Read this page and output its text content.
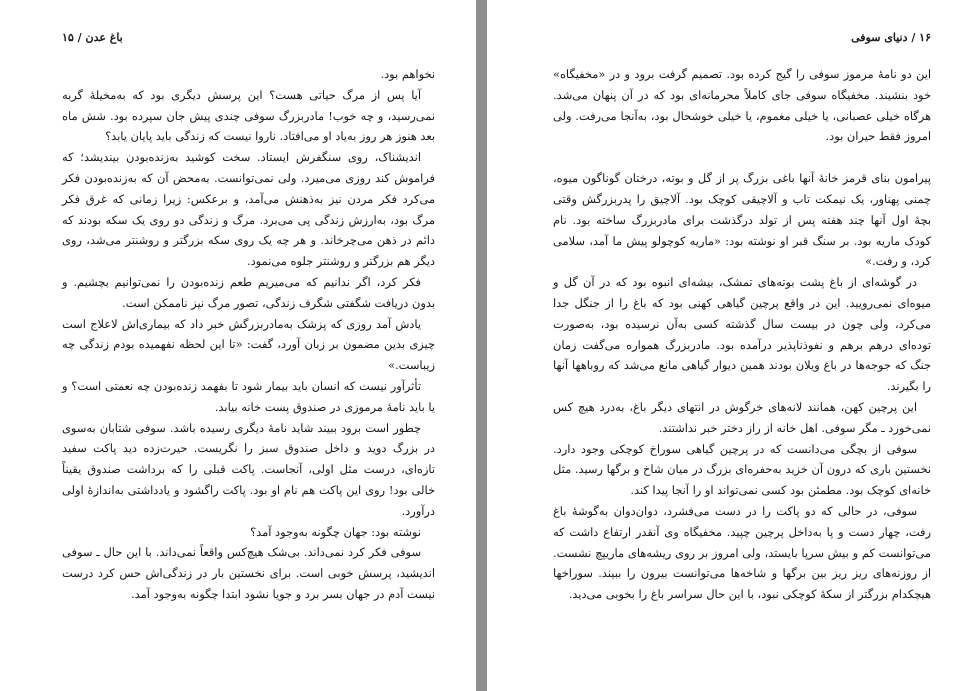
باغ عدن / ۱۵

نخواهم بود.

آیا پس از مرگ حیاتی هست؟ این پرسش دیگری بود که به‌مخیلهٔ گربه نمی‌رسید، و چه خوب! مادربزرگ سوفی چندی پیش جان سپرده بود. شش ماه بعد هنوز هر روز به‌یاد او می‌افتاد. ناروا نیست که زندگی باید پایان یابد؟

اندیشناک، روی سنگفرش ایستاد. سخت کوشید به‌زنده‌بودن بیندیشد؛ که فراموش کند روزی می‌میرد. ولی نمی‌توانست. به‌محض آن که به‌زنده‌بودن فکر می‌کرد فکر مردن نیز به‌ذهنش می‌آمد، و برعکس: زیرا زمانی که غرق فکر مرگ بود، به‌ارزش زندگی پی می‌برد. مرگ و زندگی دو روی یک سکه بودند که دائم در ذهن می‌چرخاند. و هر چه یک روی سکه بزرگتر و روشنتر می‌شد، روی دیگر هم بزرگتر و روشنتر جلوه می‌نمود.

فکر کرد، اگر ندانیم که می‌میریم طعم زنده‌بودن را نمی‌توانیم بچشیم. و بدون دریافت شگفتی شگرف زندگی، تصور مرگ نیز ناممکن است.

یادش آمد روزی که پزشک به‌مادربزرگش خبر داد که بیماری‌اش لاعلاج است چیزی بدین مضمون بر زبان آورد، گفت: «تا این لحظه نفهمیده بودم زندگی چه زیباست.»

تأثرآور نیست که انسان باید بیمار شود تا بفهمد زنده‌بودن چه نعمتی است؟ و یا باید نامهٔ مرموزی در صندوق پست خانه بیابد.

چطور است برود ببیند شاید نامهٔ دیگری رسیده باشد. سوفی شتابان به‌سوی در بزرگ دوید و داخل صندوق سبز را نگریست. حیرت‌زده دید پاکت سفید تازه‌ای، درست مثل اولی، آنجاست. پاکت قبلی را که برداشت صندوق یقیناً خالی بود! روی این پاکت هم نام او بود. پاکت راگشود و یادداشتی به‌اندازهٔ اولی درآورد.

نوشته بود: جهان چگونه به‌وجود آمد؟

سوفی فکر کرد نمی‌داند. بی‌شک هیچ‌کس واقعاً نمی‌داند. با این حال ـ سوفی اندیشید، پرسش خوبی است. برای نخستین بار در زندگی‌اش حس کرد درست نیست آدم در جهان بسر برد و جویا نشود ابتدا چگونه به‌وجود آمد.

۱۶ / دنیای سوفی

این دو نامهٔ مرموز سوفی را گیج کرده بود. تصمیم گرفت برود و در «مخفیگاه» خود بنشیند. مخفیگاه سوفی جای کاملاً محرمانه‌ای بود که در آن پنهان می‌شد. هرگاه خیلی عصبانی، یا خیلی مغموم، یا خیلی خوشحال بود، به‌آنجا می‌رفت. ولی امروز فقط حیران بود.

پیرامون بنای قرمز خانهٔ آنها باغی بزرگ پر از گل و بوته، درختان گوناگون میوه، چمنی پهناور، یک نیمکت تاب و آلاچیقی کوچک بود. آلاچیق را پدربزرگش وقتی بچهٔ اول آنها چند هفته پس از تولد درگذشت برای مادربزرگ ساخته بود. نام کودک ماریه بود. بر سنگ قبر او نوشته بود: «ماریه کوچولو پیش ما آمد، سلامی کرد، و رفت.»

در گوشه‌ای از باغ پشت بوته‌های تمشک، بیشه‌ای انبوه بود که در آن گل و میوه‌ای نمی‌رویید. این در واقع پرچین گیاهی کهنی بود که باغ را از جنگل جدا می‌کرد، ولی چون در بیست سال گذشته کسی به‌آن نرسیده بود، به‌صورت توده‌ای درهم برهم و نفوذناپذیر درآمده بود. مادربزرگ همواره می‌گفت زمان جنگ که جوجه‌ها در باغ ویلان بودند همین دیوار گیاهی مانع می‌شد که روباهها آنها را بگیرند.

این پرچین کهن، همانند لانه‌های خرگوش در انتهای دیگر باغ، به‌درد هیچ کس نمی‌خورد ـ مگر سوفی. اهل خانه از راز دختر خبر نداشتند.

سوفی از بچگی می‌دانست که در پرچین گیاهی سوراخ کوچکی وجود دارد. نخستین باری که درون آن خزید به‌حفره‌ای بزرگ در میان شاخ و برگها رسید. مثل خانه‌ای کوچک بود. مطمئن بود کسی نمی‌تواند او را آنجا پیدا کند.

سوفی، در حالی که دو پاکت را در دست می‌فشرد، دوان‌دوان به‌گوشهٔ باغ رفت، چهار دست و پا به‌داخل پرچین چپید. مخفیگاه وی آنقدر ارتفاع داشت که می‌توانست کم و بیش سرپا بایستد، ولی امروز بر روی ریشه‌های ماریپچ نشست. از روزنه‌های ریز ریز بین برگها و شاخه‌ها می‌توانست بیرون را ببیند. سوراخها هیچکدام بزرگتر از سکهٔ کوچکی نبود، با این حال سراسر باغ را بخوبی می‌دید.
